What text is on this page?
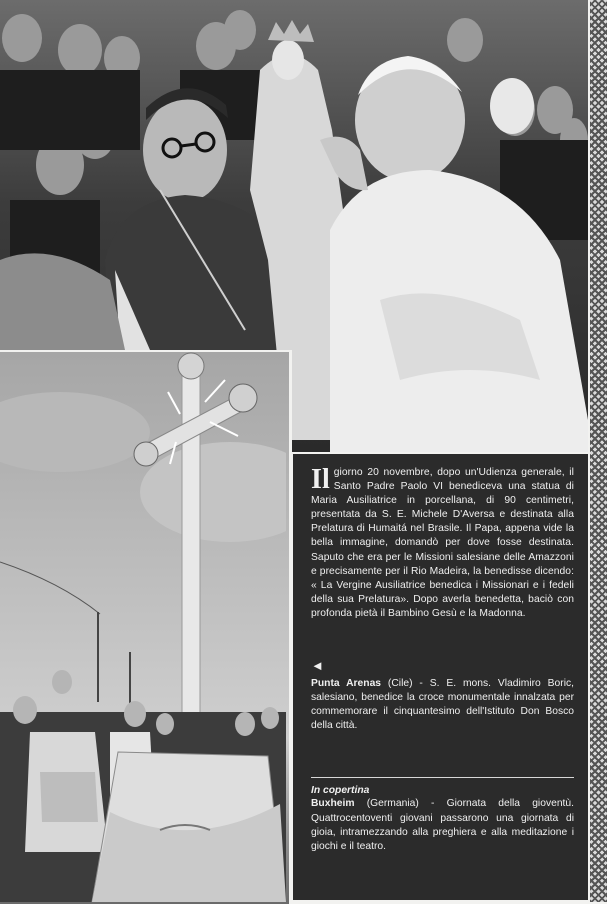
Il giorno 20 novembre, dopo un'Udienza generale, il Santo Padre Paolo VI benediceva una statua di Maria Ausiliatrice in porcellana, di 90 centimetri, presentata da S. E. Michele D'Aversa e destinata alla Prelatura di Humaitá nel Brasile. Il Papa, appena vide la bella immagine, domandò per dove fosse destinata. Saputo che era per le Missioni salesiane delle Amazzoni e precisamente per il Rio Madeira, la benedisse dicendo: « La Vergine Ausiliatrice benedica i Missionari e i fedeli della sua Prelatura». Dopo averla benedetta, baciò con profonda pietà il Bambino Gesù e la Madonna.

◄

Punta Arenas (Cile) - S. E. mons. Vladimiro Boric, salesiano, benedice la croce monumentale innalzata per commemorare il cinquantesimo dell'Istituto Don Bosco della città.

In copertina

Buxheim (Germania) - Giornata della gioventù. Quattrocentoventi giovani passarono una giornata di gioia, intramezzando alla preghiera e alla meditazione i giochi e il teatro.
